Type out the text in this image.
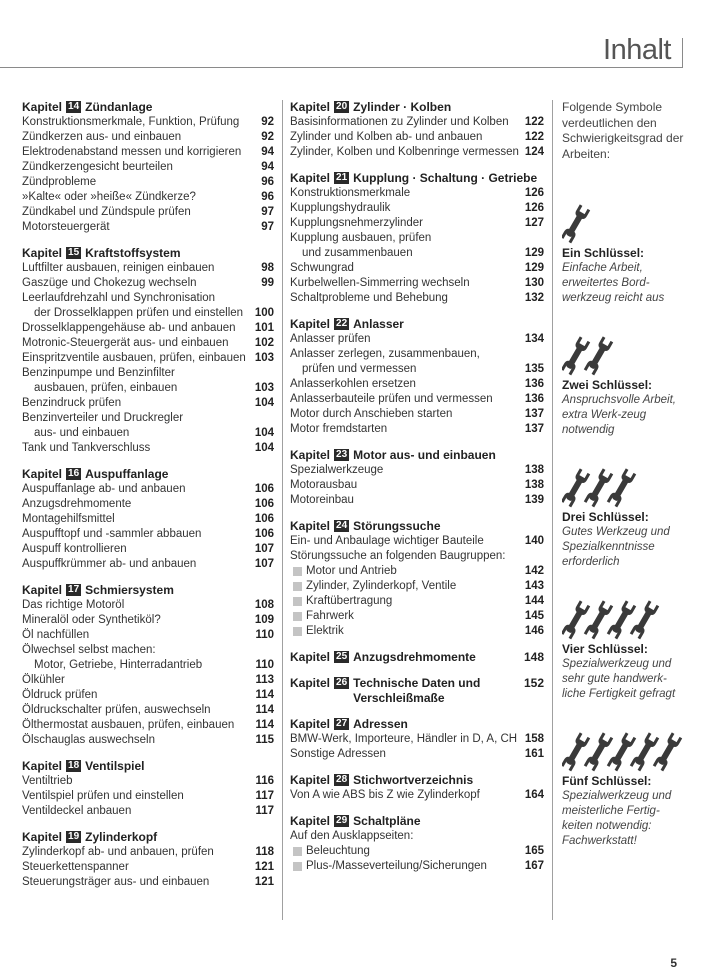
Inhalt
Kapitel 14 Zündanlage
Konstruktionsmerkmale, Funktion, Prüfung	92
Zündkerzen aus- und einbauen	92
Elektrodenabstand messen und korrigieren	94
Zündkerzengesicht beurteilen	94
Zündprobleme	96
»Kalte« oder »heiße« Zündkerze?	96
Zündkabel und Zündspule prüfen	97
Motorsteuergerät	97
Kapitel 15 Kraftstoffsystem
Luftfilter ausbauen, reinigen einbauen	98
Gaszüge und Chokezug wechseln	99
Leerlaufdrehzahl und Synchronisation
der Drosselklappen prüfen und einstellen	100
Drosselklappengehäuse ab- und anbauen	101
Motronic-Steuergerät aus- und einbauen	102
Einspritzventile ausbauen, prüfen, einbauen 103
Benzinpumpe und Benzinfilter
ausbauen, prüfen, einbauen	103
Benzindruck prüfen	104
Benzinverteiler und Druckregler
aus- und einbauen	104
Tank und Tankverschluss	104
Kapitel 16 Auspuffanlage
Auspuffanlage ab- und anbauen	106
Anzugsdrehmomente	106
Montagehilfsmittel	106
Auspufftopf und -sammler abbauen	106
Auspuff kontrollieren	107
Auspuffkrümmer ab- und anbauen	107
Kapitel 17 Schmiersystem
Das richtige Motoröl	108
Mineralöl oder Synthetiköl?	109
Öl nachfüllen	110
Ölwechsel selbst machen:
Motor, Getriebe, Hinterradantrieb	110
Ölkühler	113
Öldruck prüfen	114
Öldruckschalter prüfen, auswechseln	114
Ölthermostat ausbauen, prüfen, einbauen	114
Ölschauglas auswechseln	115
Kapitel 18 Ventilspiel
Ventiltrieb	116
Ventilspiel prüfen und einstellen	117
Ventildeckel anbauen	117
Kapitel 19 Zylinderkopf
Zylinderkopf ab- und anbauen, prüfen	118
Steuerkettenspanner	121
Steuerungsträger aus- und einbauen	121
Kapitel 20 Zylinder · Kolben
Basisinformationen zu Zylinder und Kolben	122
Zylinder und Kolben ab- und anbauen	122
Zylinder, Kolben und Kolbenringe vermessen 124
Kapitel 21 Kupplung · Schaltung · Getriebe
Konstruktionsmerkmale	126
Kupplungshydraulik	126
Kupplungsnehmerzylinder	127
Kupplung ausbauen, prüfen
und zusammenbauen	129
Schwungrad	129
Kurbelwellen-Simmerring wechseln	130
Schaltprobleme und Behebung	132
Kapitel 22 Anlasser
Anlasser prüfen	134
Anlasser zerlegen, zusammenbauen,
prüfen und vermessen	135
Anlasserkohlen ersetzen	136
Anlasserbauteile prüfen und vermessen	136
Motor durch Anschieben starten	137
Motor fremdstarten	137
Kapitel 23 Motor aus- und einbauen
Spezialwerkzeuge	138
Motorausbau	138
Motoreinbau	139
Kapitel 24 Störungssuche
Ein- und Anbaulage wichtiger Bauteile	140
Störungssuche an folgenden Baugruppen:
Motor und Antrieb	142
Zylinder, Zylinderkopf, Ventile	143
Kraftübertragung	144
Fahrwerk	145
Elektrik	146
Kapitel 25 Anzugsdrehmomente	148
Kapitel 26 Technische Daten und Verschleißmaße
152
Kapitel 27 Adressen
BMW-Werk, Importeure, Händler in D, A, CH 158
Sonstige Adressen	161
Kapitel 28 Stichwortverzeichnis
Von A wie ABS bis Z wie Zylinderkopf	164
Kapitel 29 Schaltpläne
Auf den Ausklappseiten:
Beleuchtung	165
Plus-/Masseverteilung/Sicherungen	167
Folgende Symbole verdeutlichen den Schwierigkeitsgrad der Arbeiten:
Ein Schlüssel:
Einfache Arbeit, erweitertes Bord-werkzeug reicht aus
Zwei Schlüssel:
Anspruchsvolle Arbeit, extra Werk-zeug notwendig
Drei Schlüssel:
Gutes Werkzeug und Spezialkenntnisse erforderlich
Vier Schlüssel:
Spezialwerkzeug und sehr gute handwerk-liche Fertigkeit gefragt
Fünf Schlüssel:
Spezialwerkzeug und meisterliche Fertig-keiten notwendig: Fachwerkstatt!
5
